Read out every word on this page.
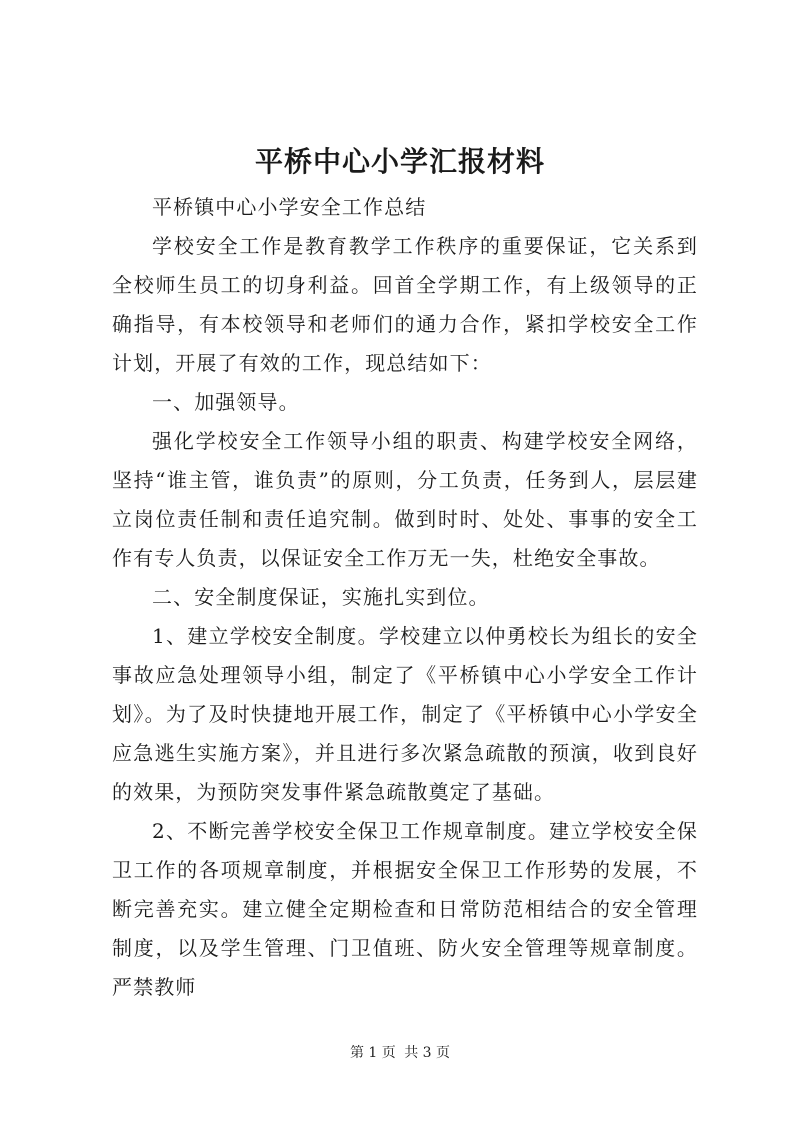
平桥中心小学汇报材料

平桥镇中心小学安全工作总结

学校安全工作是教育教学工作秩序的重要保证，它关系到全校师生员工的切身利益。回首全学期工作，有上级领导的正确指导，有本校领导和老师们的通力合作，紧扣学校安全工作计划，开展了有效的工作，现总结如下：

一、加强领导。

强化学校安全工作领导小组的职责、构建学校安全网络，坚持“谁主管，谁负责”的原则，分工负责，任务到人，层层建立岗位责任制和责任追究制。做到时时、处处、事事的安全工作有专人负责，以保证安全工作万无一失，杜绝安全事故。

二、安全制度保证，实施扎实到位。

1、建立学校安全制度。学校建立以仲勇校长为组长的安全事故应急处理领导小组，制定了《平桥镇中心小学安全工作计划》。为了及时快捷地开展工作，制定了《平桥镇中心小学安全应急逃生实施方案》，并且进行多次紧急疏散的预演，收到良好的效果，为预防突发事件紧急疏散奠定了基础。

2、不断完善学校安全保卫工作规章制度。建立学校安全保卫工作的各项规章制度，并根据安全保卫工作形势的发展，不断完善充实。建立健全定期检查和日常防范相结合的安全管理制度，以及学生管理、门卫值班、防火安全管理等规章制度。严禁教师

第 1 页 共 3 页
